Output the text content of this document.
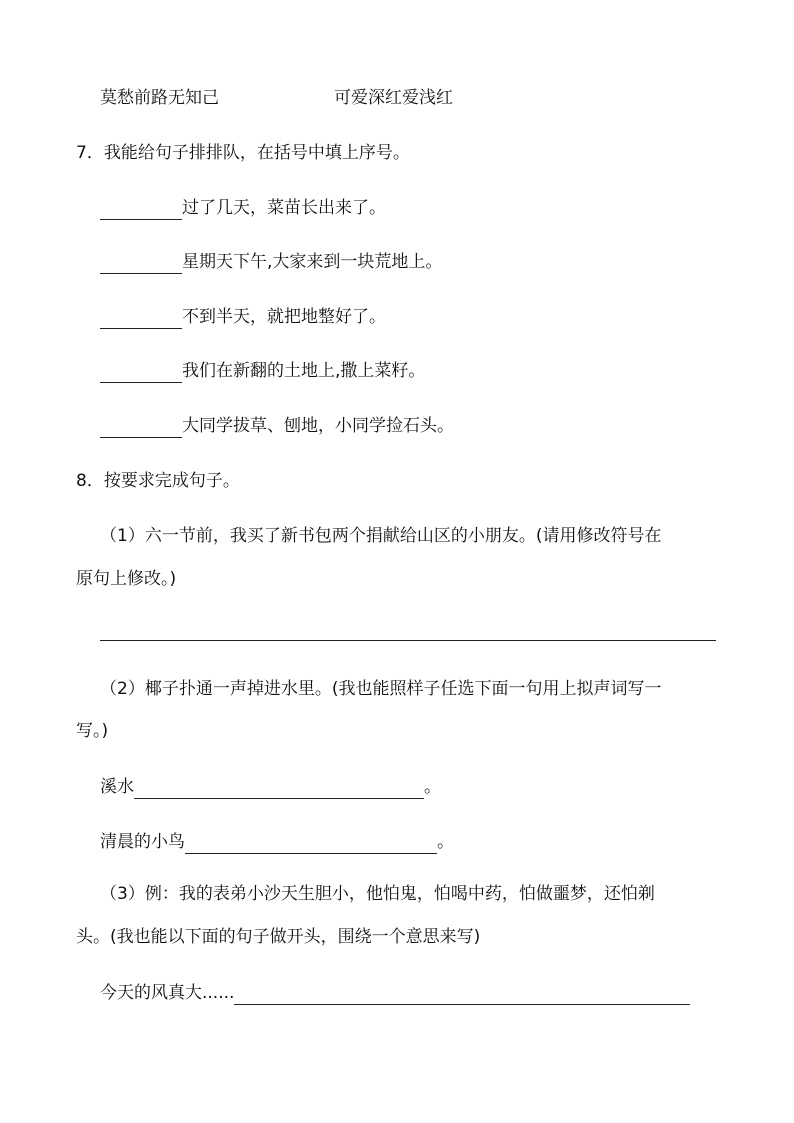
莫愁前路无知己	可爱深红爱浅红
7．我能给句子排排队，在括号中填上序号。
过了几天，菜苗长出来了。
星期天下午,大家来到一块荒地上。
不到半天，就把地整好了。
我们在新翻的土地上,撒上菜籽。
大同学拔草、刨地，小同学捡石头。
8．按要求完成句子。
（1）六一节前，我买了新书包两个捐献给山区的小朋友。(请用修改符号在
原句上修改。)
（2）椰子扑通一声掉进水里。(我也能照样子任选下面一句用上拟声词写一
写。)
溪水	。
清晨的小鸟	。
（3）例：我的表弟小沙天生胆小，他怕鬼，怕喝中药，怕做噩梦，还怕剃
头。(我也能以下面的句子做开头，围绕一个意思来写)
今天的风真大......
